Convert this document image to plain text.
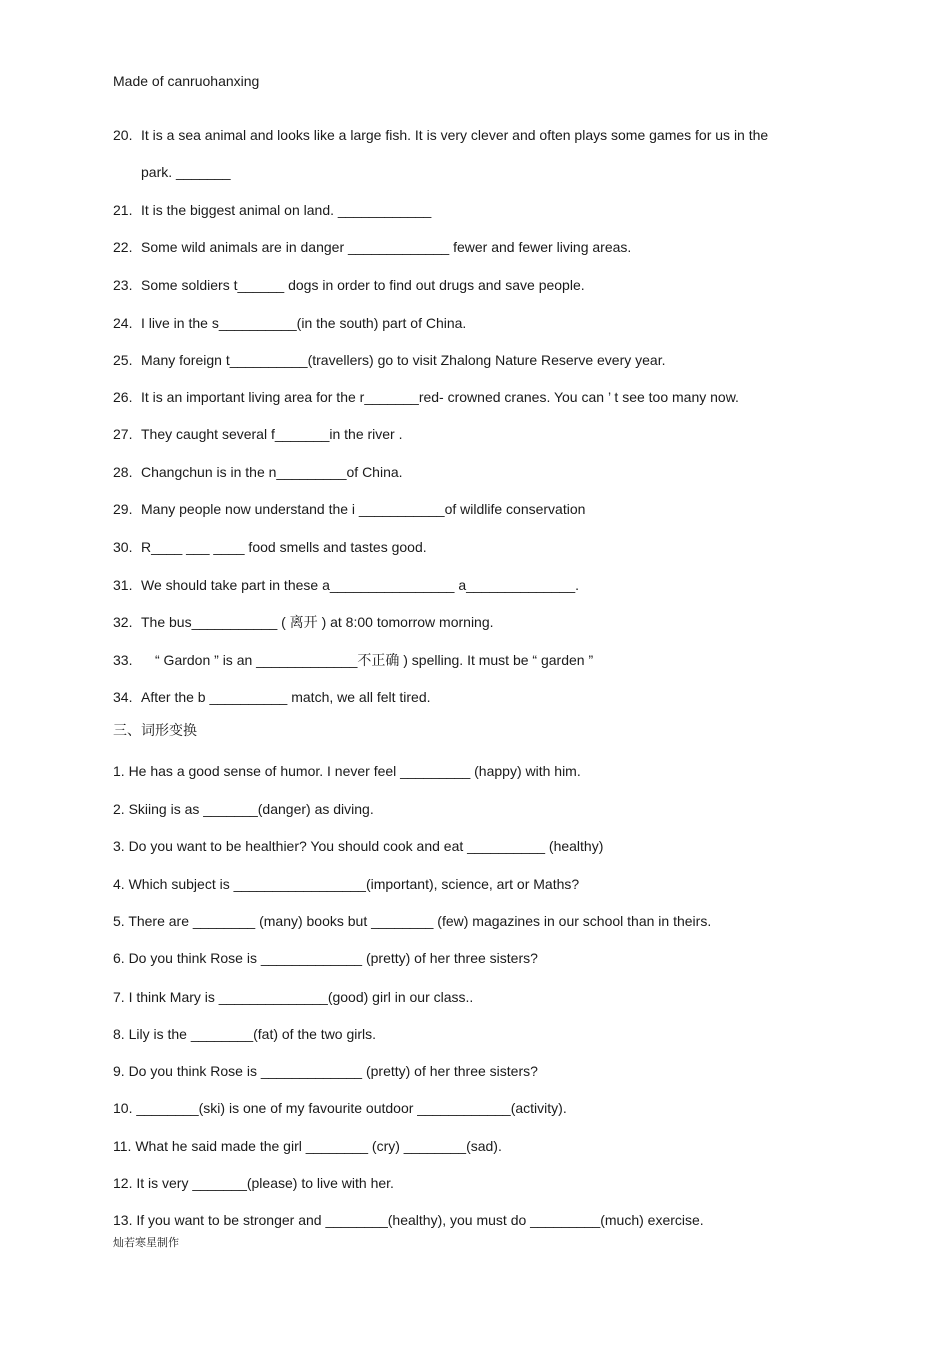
Made of canruohanxing
20. It is a sea animal and looks like a large fish. It is very clever and often plays some games for us in the
park. _______
21. It is the biggest animal on land. ____________
22. Some wild animals are in danger _____________ fewer and fewer living areas.
23. Some soldiers t______ dogs in order to find out drugs and save people.
24. I live in the s__________(in the south) part of China.
25. Many foreign t__________(travellers) go to visit Zhalong Nature Reserve every year.
26. It is an important living area for the r_______red- crowned cranes. You can ’ t see too many now.
27. They caught several f_______in the river .
28. Changchun is in the n_________of China.
29. Many people now understand the i ___________of wildlife conservation
30. R____ ___ ____ food smells and tastes good.
31. We should take part in these a________________ a______________.
32. The bus___________ ( 离开 ) at 8:00 tomorrow morning.
33. “ Gardon ” is an _____________不正确 ) spelling. It must be “ garden ”
34. After the b __________ match, we all felt tired.
三、词形变换
1. He has a good sense of humor. I never feel _________ (happy) with him.
2. Skiing is as _______(danger) as diving.
3. Do you want to be healthier? You should cook and eat __________ (healthy)
4. Which subject is _________________(important), science, art or Maths?
5. There are ________ (many) books but ________ (few) magazines in our school than in theirs.
6. Do you think Rose is _____________ (pretty) of her three sisters?
7. I think Mary is ______________(good) girl in our class..
8. Lily is the ________(fat) of the two girls.
9. Do you think Rose is _____________ (pretty) of her three sisters?
10. ________(ski) is one of my favourite outdoor ____________(activity).
11. What he said made the girl ________ (cry) ________(sad).
12. It is very _______(please) to live with her.
13. If you want to be stronger and ________(healthy), you must do _________(much) exercise.
灿若寒星制作
